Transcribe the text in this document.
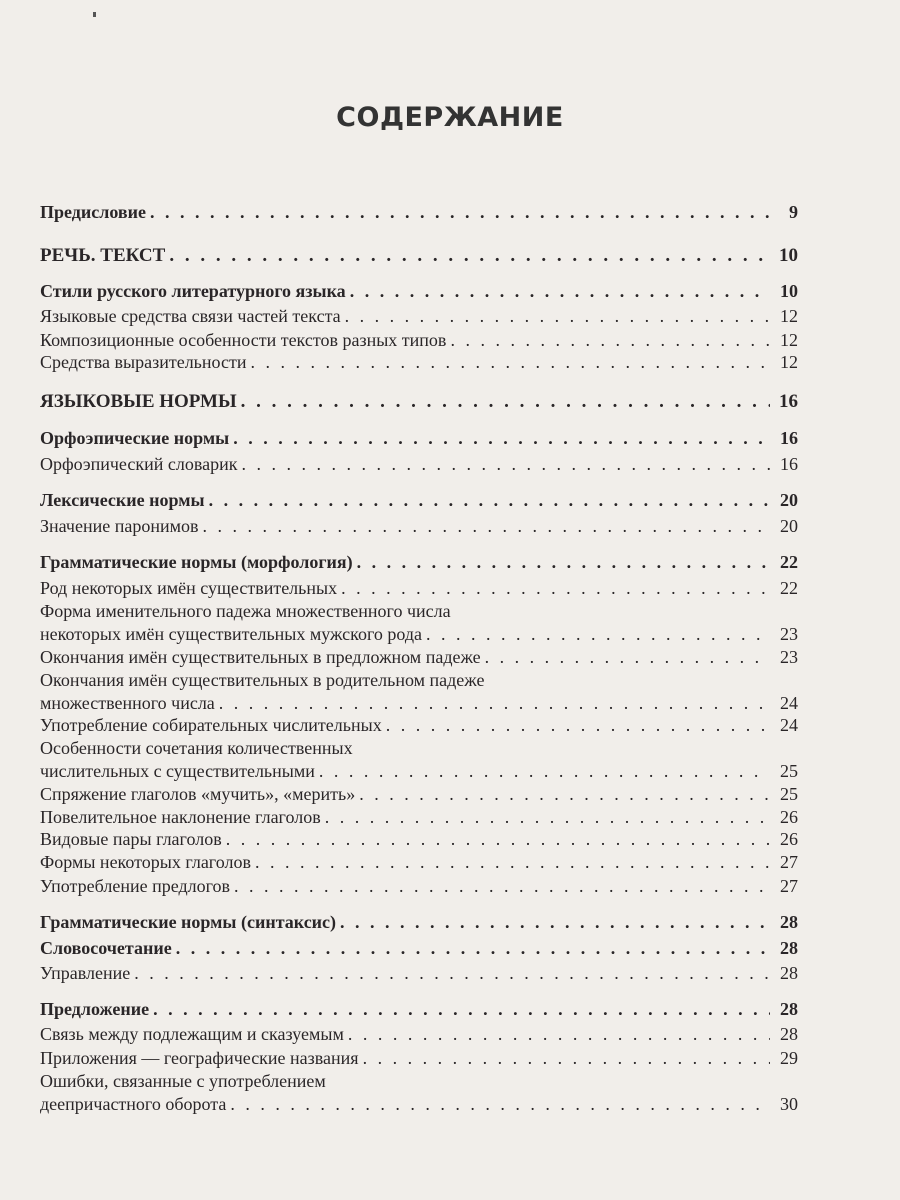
СОДЕРЖАНИЕ
Предисловие . . .	9
РЕЧЬ. ТЕКСТ . . .	10
Стили русского литературного языка . . .	10
Языковые средства связи частей текста . . .	12
Композиционные особенности текстов разных типов . . .	12
Средства выразительности . . .	12
ЯЗЫКОВЫЕ НОРМЫ . . .	16
Орфоэпические нормы . . .	16
Орфоэпический словарик . . .	16
Лексические нормы . . .	20
Значение паронимов . . .	20
Грамматические нормы (морфология) . . .	22
Род некоторых имён существительных . . .	22
Форма именительного падежа множественного числа
некоторых имён существительных мужского рода . . .	23
Окончания имён существительных в предложном падеже . . .	23
Окончания имён существительных в родительном падеже
множественного числа . . .	24
Употребление собирательных числительных . . .	24
Особенности сочетания количественных
числительных с существительными . . .	25
Спряжение глаголов «мучить», «мерить» . . .	25
Повелительное наклонение глаголов . . .	26
Видовые пары глаголов . . .	26
Формы некоторых глаголов . . .	27
Употребление предлогов . . .	27
Грамматические нормы (синтаксис) . . .	28
Словосочетание . . .	28
Управление . . .	28
Предложение . . .	28
Связь между подлежащим и сказуемым . . .	28
Приложения — географические названия . . .	29
Ошибки, связанные с употреблением
деепричастного оборота . . .	30
